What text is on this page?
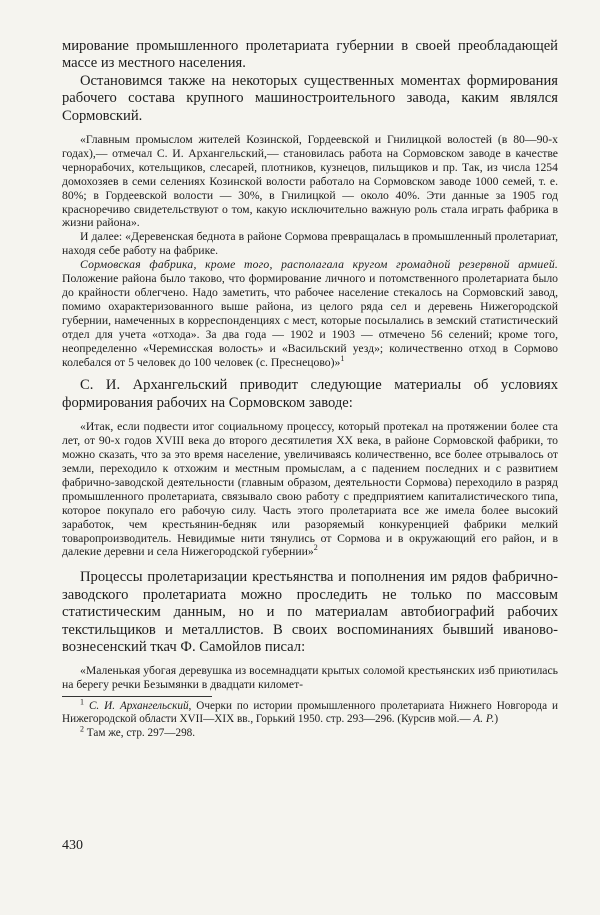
мирование промышленного пролетариата губернии в своей преобладающей массе из местного населения.

Остановимся также на некоторых существенных моментах формирования рабочего состава крупного машиностроительного завода, каким являлся Сормовский.

«Главным промыслом жителей Козинской, Гордеевской и Гнилицкой волостей (в 80—90-х годах),— отмечал С. И. Архангельский,— становилась работа на Сормовском заводе в качестве чернорабочих, котельщиков, слесарей, плотников, кузнецов, пильщиков и пр. Так, из числа 1254 домохозяев в семи селениях Козинской волости работало на Сормовском заводе 1000 семей, т. е. 80%; в Гордеевской волости — 30%, в Гнилицкой — около 40%. Эти данные за 1905 год красноречиво свидетельствуют о том, какую исключительно важную роль стала играть фабрика в жизни района».

И далее: «Деревенская беднота в районе Сормова превращалась в промышленный пролетариат, находя себе работу на фабрике.

Сормовская фабрика, кроме того, располагала кругом громадной резервной армией. Положение района было таково, что формирование личного и потомственного пролетариата было до крайности облегчено. Надо заметить, что рабочее население стекалось на Сормовский завод, помимо охарактеризованного выше района, из целого ряда сел и деревень Нижегородской губернии, намеченных в корреспонденциях с мест, которые посылались в земский статистический отдел для учета «отхода». За два года — 1902 и 1903 — отмечено 56 селений; кроме того, неопределенно «Черемисская волость» и «Васильский уезд»; количественно отход в Сормово колебался от 5 человек до 100 человек (с. Преснецово)»$^1$

С. И. Архангельский приводит следующие материалы об условиях формирования рабочих на Сормовском заводе:

«Итак, если подвести итог социальному процессу, который протекал на протяжении более ста лет, от 90-х годов XVIII века до второго десятилетия XX века, в районе Сормовской фабрики, то можно сказать, что за это время население, увеличиваясь количественно, все более отрывалось от земли, переходило к отхожим и местным промыслам, а с падением последних и с развитием фабрично-заводской деятельности (главным образом, деятельности Сормова) переходило в разряд промышленного пролетариата, связывало свою работу с предприятием капиталистического типа, которое покупало его рабочую силу. Часть этого пролетариата все же имела более высокий заработок, чем крестьянин-бедняк или разоряемый конкуренцией фабрики мелкий товаропроизводитель. Невидимые нити тянулись от Сормова и в окружающий его район, и в далекие деревни и села Нижегородской губернии»$^2$

Процессы пролетаризации крестьянства и пополнения им рядов фабрично-заводского пролетариата можно проследить не только по массовым статистическим данным, но и по материалам автобиографий рабочих текстильщиков и металлистов. В своих воспоминаниях бывший иваново-вознесенский ткач Ф. Самойлов писал:

«Маленькая убогая деревушка из восемнадцати крытых соломой крестьянских изб приютилась на берегу речки Безымянки в двадцати километ-

$^1$ С. И. Архангельский, Очерки по истории промышленного пролетариата Нижнего Новгорода и Нижегородской области XVII—XIX вв., Горький 1950. стр. 293—296. (Курсив мой.— А. Р.)

$^2$ Там же, стр. 297—298.

430
